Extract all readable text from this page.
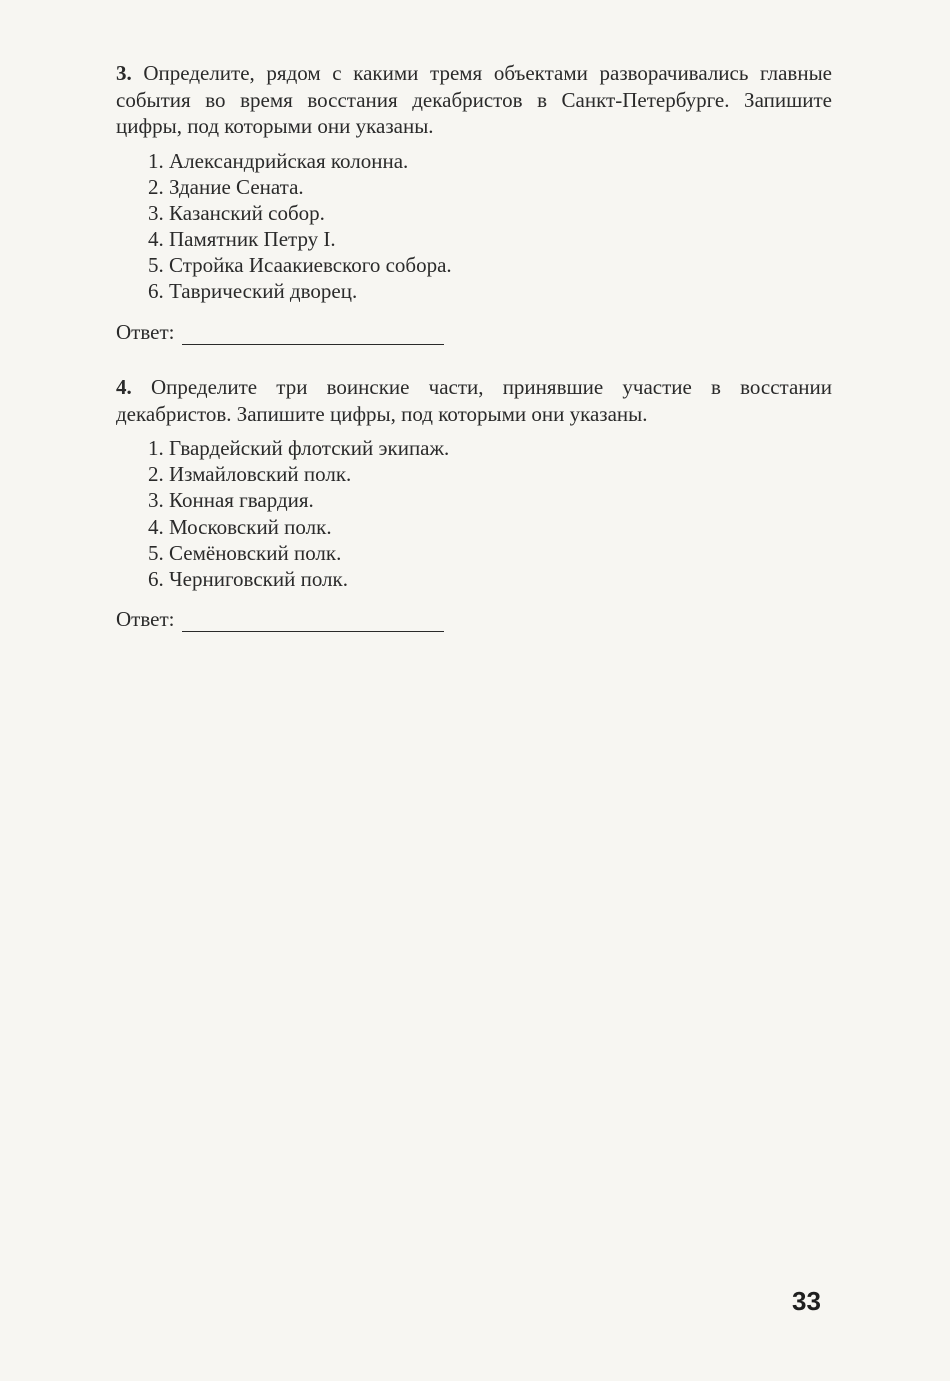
3. Определите, рядом с какими тремя объектами разворачивались главные события во время восстания декабристов в Санкт-Петербурге. Запишите цифры, под которыми они указаны.

1. Александрийская колонна.
2. Здание Сената.
3. Казанский собор.
4. Памятник Петру I.
5. Стройка Исаакиевского собора.
6. Таврический дворец.
Ответ:

4. Определите три воинские части, принявшие участие в восстании декабристов. Запишите цифры, под которыми они указаны.

1. Гвардейский флотский экипаж.
2. Измайловский полк.
3. Конная гвардия.
4. Московский полк.
5. Семёновский полк.
6. Черниговский полк.
Ответ:
33
